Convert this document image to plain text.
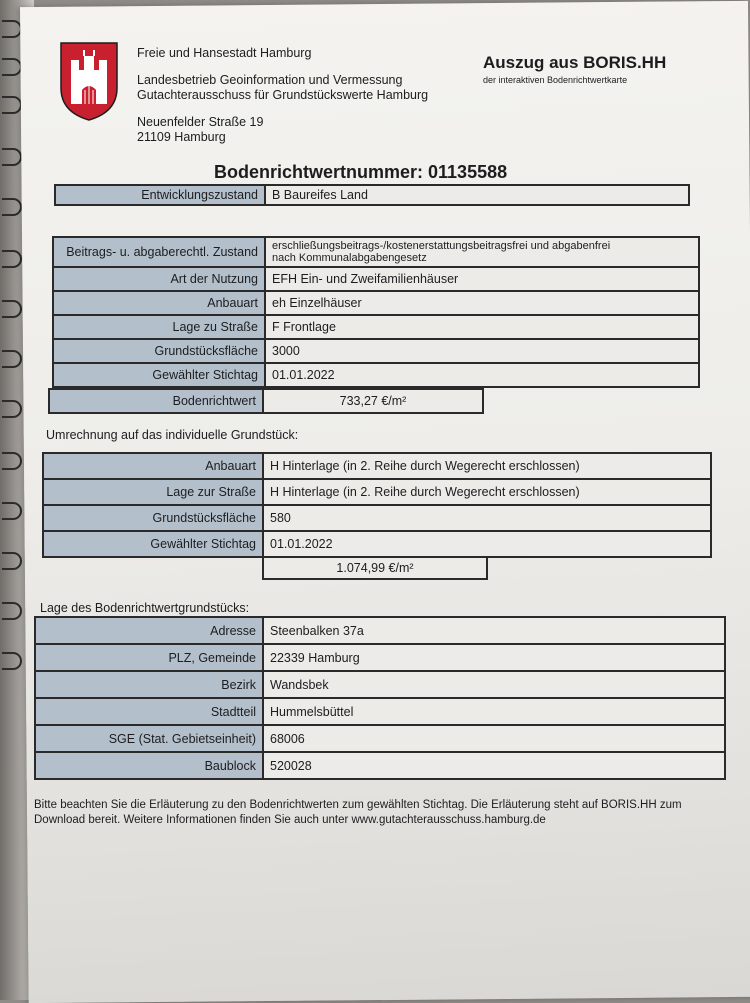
Freie und Hansestadt Hamburg
Landesbetrieb Geoinformation und Vermessung
Gutachterausschuss für Grundstückswerte Hamburg
Neuenfelder Straße 19
21109 Hamburg
Auszug aus BORIS.HH
der interaktiven Bodenrichtwertkarte
Bodenrichtwertnummer: 01135588
Entwicklungszustand	B Baureifes Land
Beitrags- u. abgaberechtl. Zustand	erschließungsbeitrags-/kostenerstattungsbeitragsfrei und abgabenfrei
nach Kommunalabgabengesetz
Art der Nutzung	EFH Ein- und Zweifamilienhäuser
Anbauart	eh Einzelhäuser
Lage zu Straße	F Frontlage
Grundstücksfläche	3000
Gewählter Stichtag	01.01.2022
Bodenrichtwert	733,27 €/m²
Umrechnung auf das individuelle Grundstück:
Anbauart	H Hinterlage (in 2. Reihe durch Wegerecht erschlossen)
Lage zur Straße	H Hinterlage (in 2. Reihe durch Wegerecht erschlossen)
Grundstücksfläche	580
Gewählter Stichtag	01.01.2022
1.074,99 €/m²
Lage des Bodenrichtwertgrundstücks:
Adresse	Steenbalken 37a
PLZ, Gemeinde	22339 Hamburg
Bezirk	Wandsbek
Stadtteil	Hummelsbüttel
SGE (Stat. Gebietseinheit)	68006
Baublock	520028
Bitte beachten Sie die Erläuterung zu den Bodenrichtwerten zum gewählten Stichtag. Die Erläuterung steht auf BORIS.HH zum
Download bereit. Weitere Informationen finden Sie auch unter www.gutachterausschuss.hamburg.de
